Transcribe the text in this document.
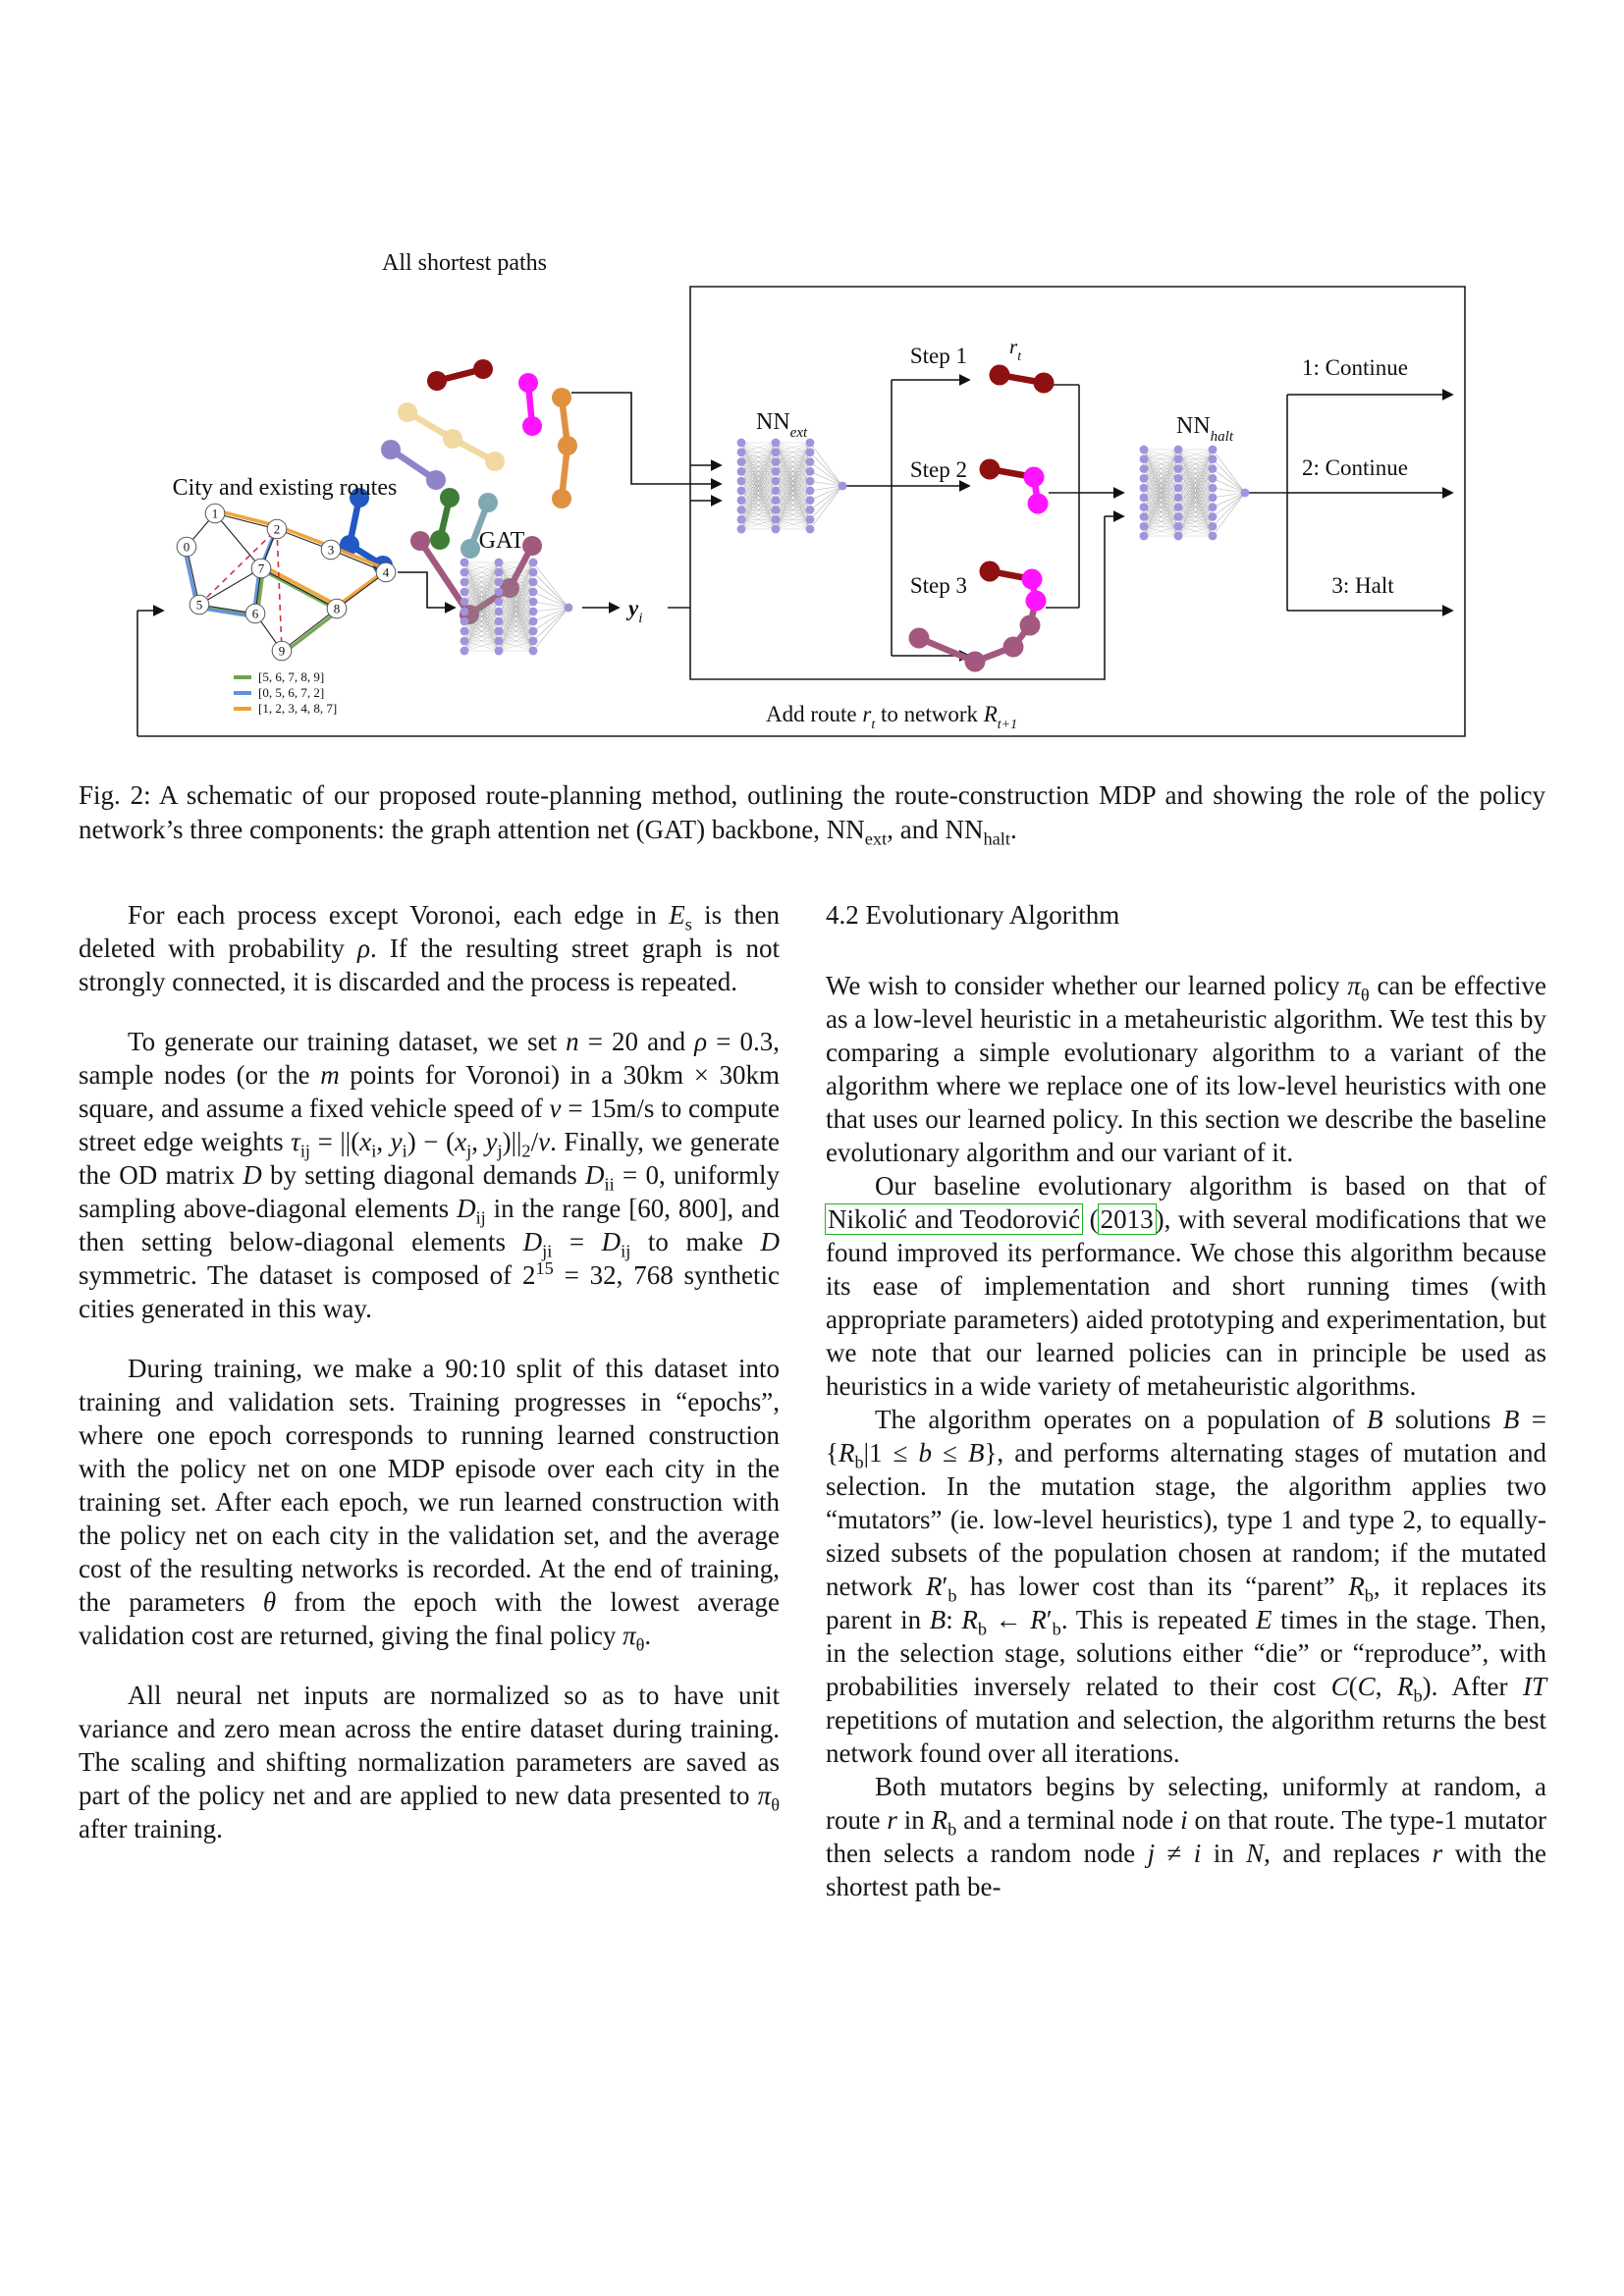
0
1
2
3
4
5
6
7
8
9
All shortest paths
City and existing routes
GAT
$y_i$
$NN_{ext}$	$NN_{halt}$
Step 1
Step 2
Step 3
$r_t$	1: Continue
2: Continue
3: Halt
Add route $r_t$ to network $R_{t+1}$
[5, 6, 7, 8, 9]
[0, 5, 6, 7, 2]
[1, 2, 3, 4, 8, 7]
Fig. 2: A schematic of our proposed route-planning method, outlining the route-construction MDP and showing the role of the policy network’s three components: the graph attention net (GAT) backbone, $NN_{ext}$, and $NN_{halt}$.

For each process except Voronoi, each edge in $E_s$ is then deleted with probability ρ. If the resulting street graph is not strongly connected, it is discarded and the process is repeated.

To generate our training dataset, we set n = 20 and ρ = 0.3, sample nodes (or the m points for Voronoi) in a 30km × 30km square, and assume a fixed vehicle speed of v = 15m/s to compute street edge weights $\tau_{ij} = ||(x_i$, $y_i) - (x_j$, $y_j)||_2/v$. Finally, we generate the OD matrix D by setting diagonal demands $D_{ii} = 0$, uniformly sampling above-diagonal elements $D_{ij}$ in the range [60, 800], and then setting below-diagonal elements $D_{ji} = D_{ij}$ to make D symmetric. The dataset is composed of $2^{15} = 32$, 768 synthetic cities generated in this way.

During training, we make a 90:10 split of this dataset into training and validation sets. Training progresses in “epochs”, where one epoch corresponds to running learned construction with the policy net on one MDP episode over each city in the training set. After each epoch, we run learned construction with the policy net on each city in the validation set, and the average cost of the resulting networks is recorded. At the end of training, the parameters θ from the epoch with the lowest average validation cost are returned, giving the final policy $\pi_\theta$.

All neural net inputs are normalized so as to have unit variance and zero mean across the entire dataset during training. The scaling and shifting normalization parameters are saved as part of the policy net and are applied to new data presented to $\pi_\theta$ after training.

4.2 Evolutionary Algorithm

We wish to consider whether our learned policy $\pi_\theta$ can be effective as a low-level heuristic in a metaheuristic algorithm. We test this by comparing a simple evolutionary algorithm to a variant of the algorithm where we replace one of its low-level heuristics with one that uses our learned policy. In this section we describe the baseline evolutionary algorithm and our variant of it.

Our baseline evolutionary algorithm is based on that of Nikolić and Teodorović (2013), with several modifications that we found improved its performance. We chose this algorithm because its ease of implementation and short running times (with appropriate parameters) aided prototyping and experimentation, but we note that our learned policies can in principle be used as heuristics in a wide variety of metaheuristic algorithms.

The algorithm operates on a population of B solutions $B = \{R_b|1 \le b \le B\}$, and performs alternating stages of mutation and selection. In the mutation stage, the algorithm applies two “mutators” (ie. low-level heuristics), type 1 and type 2, to equally-sized subsets of the population chosen at random; if the mutated network $R'_b$ has lower cost than its “parent” $R_b$, it replaces its parent in B: $R_b$ ← $R'_b$. This is repeated E times in the stage. Then, in the selection stage, solutions either “die” or “reproduce”, with probabilities inversely related to their cost C(C, $R_b$). After IT repetitions of mutation and selection, the algorithm returns the best network found over all iterations.

Both mutators begins by selecting, uniformly at random, a route r in $R_b$ and a terminal node i on that route. The type-1 mutator then selects a random node j ≠ i in N, and replaces r with the shortest path be-
